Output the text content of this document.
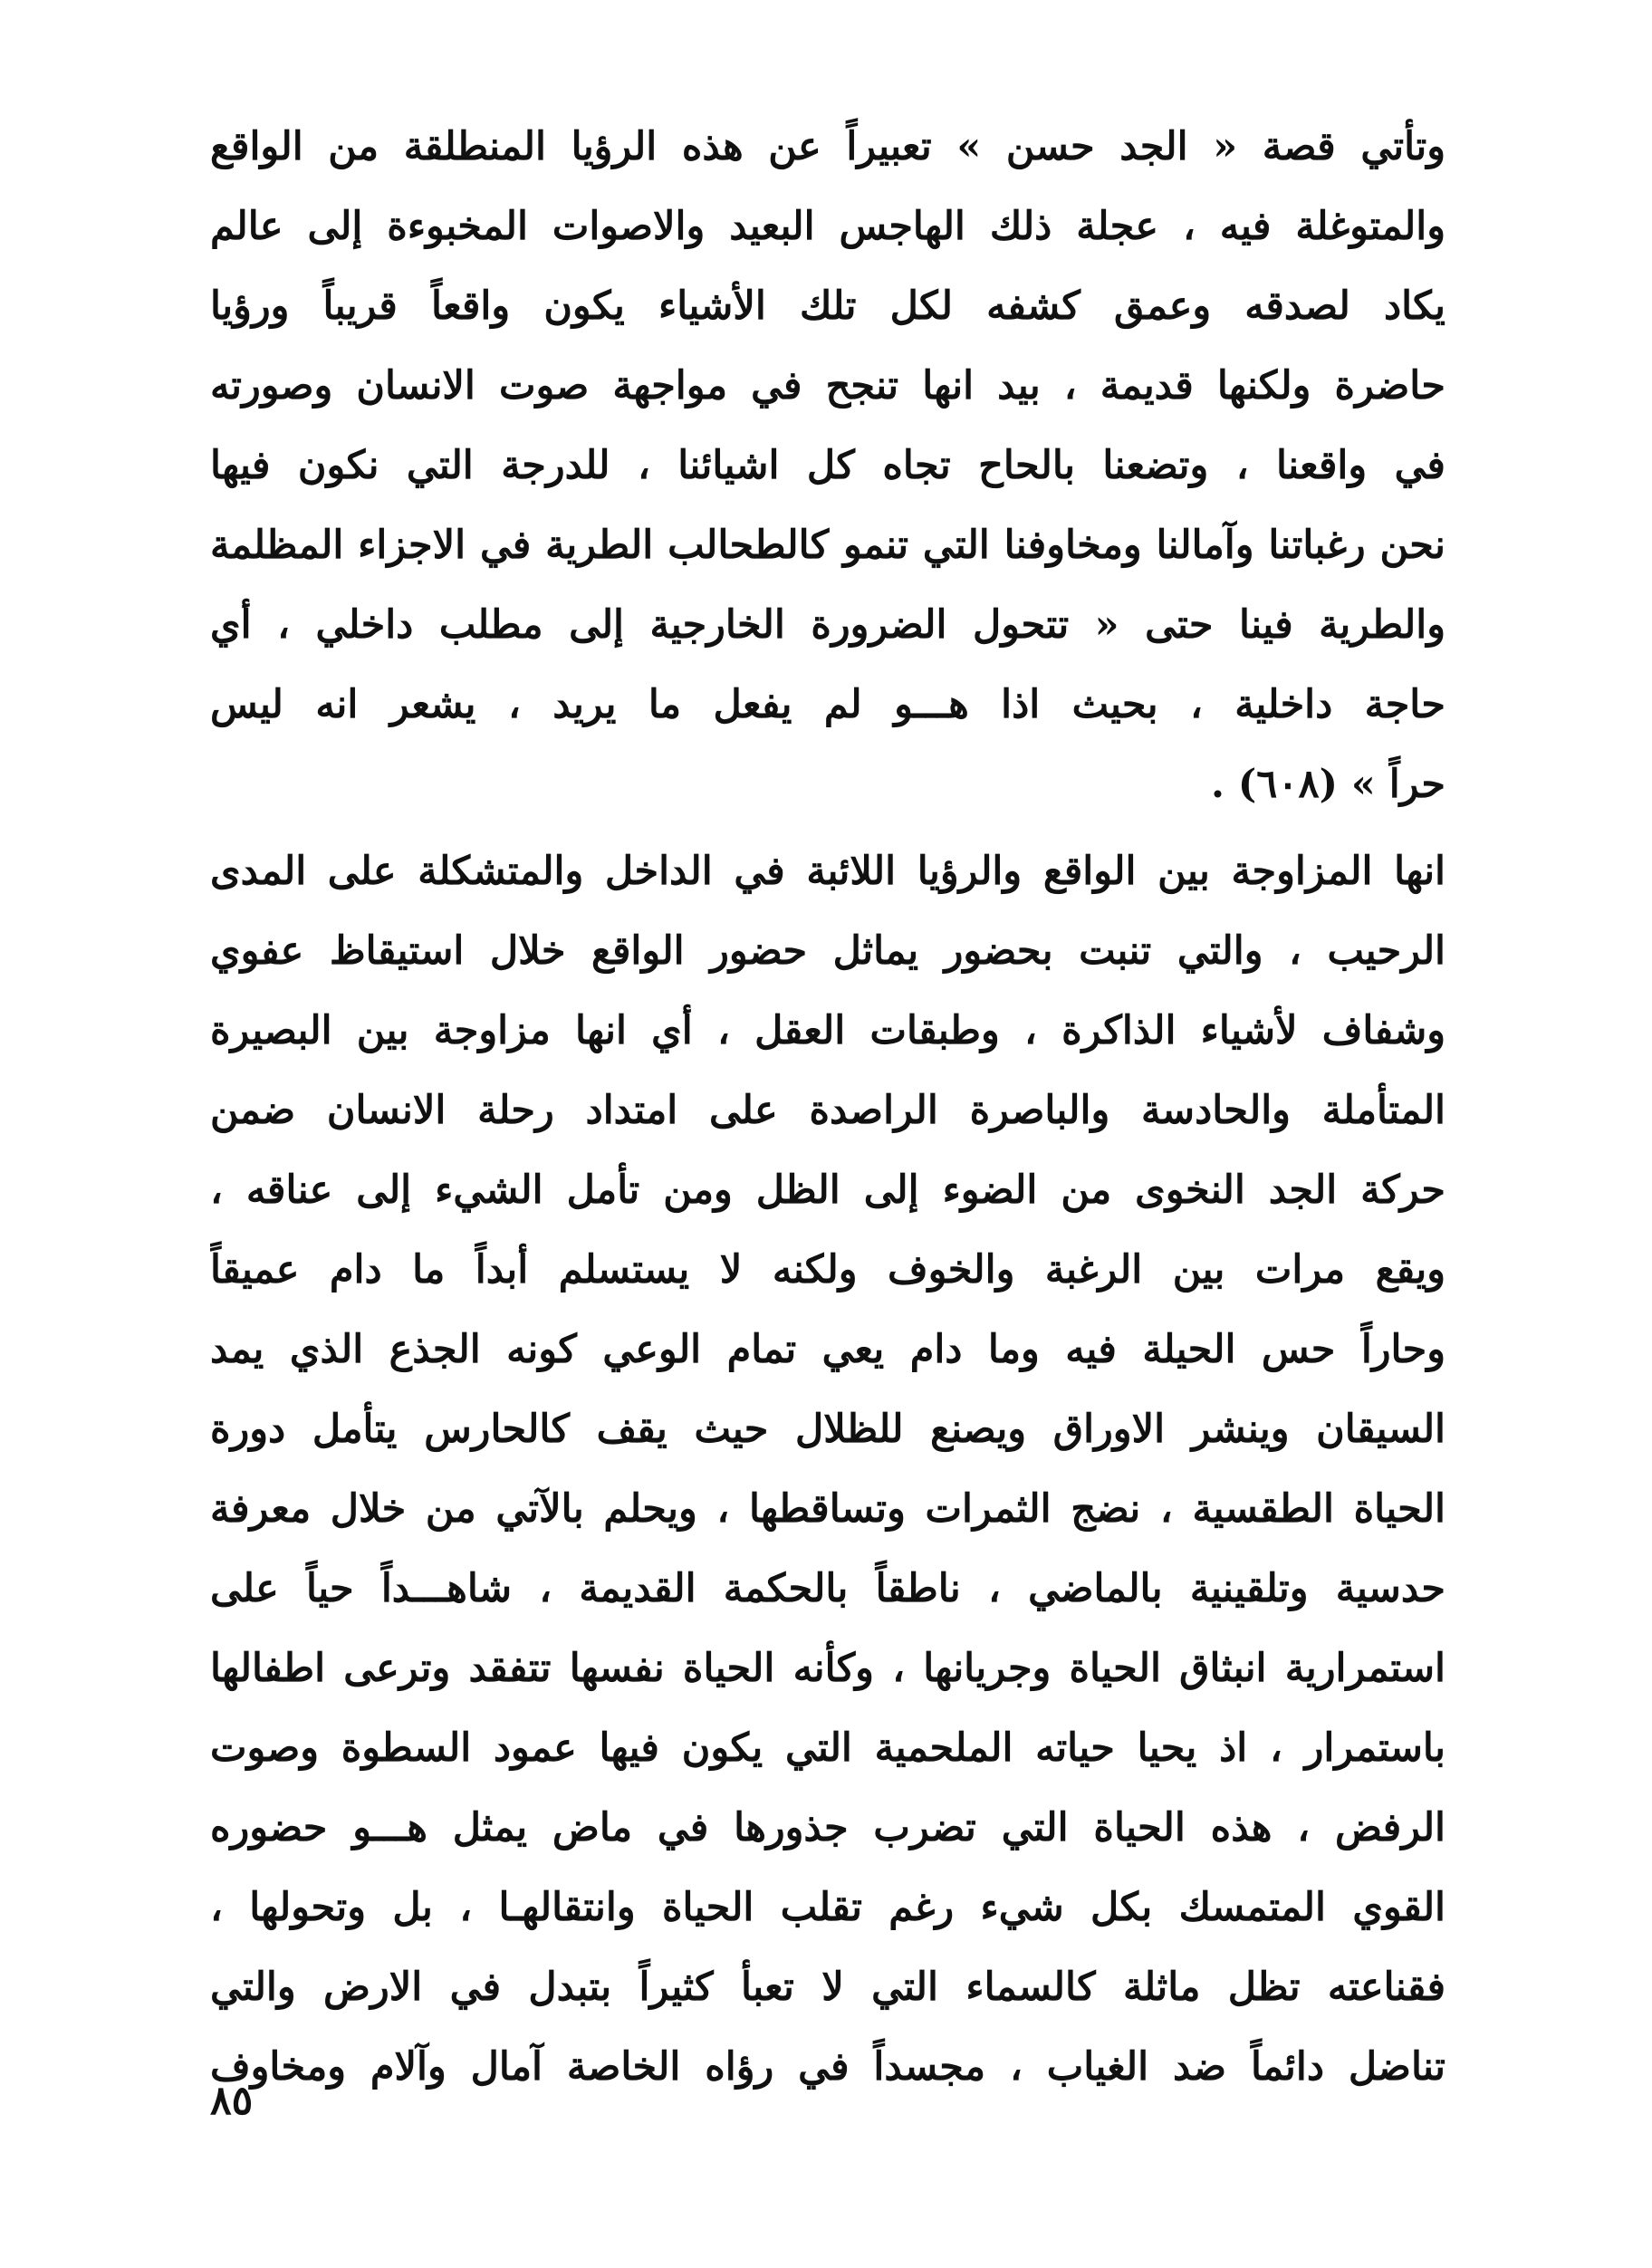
وتأتي قصة « الجد حسن » تعبيراً عن هذه الرؤيا المنطلقة من الواقع
والمتوغلة فيه ، عجلة ذلك الهاجس البعيد والاصوات المخبوءة إلى عالم
يكاد لصدقه وعمق كشفه لكل تلك الأشياء يكون واقعاً قريباً ورؤيا
حاضرة ولكنها قديمة ، بيد انها تنجح في مواجهة صوت الانسان وصورته
في واقعنا ، وتضعنا بالحاح تجاه كل اشيائنا ، للدرجة التي نكون فيها
نحن رغباتنا وآمالنا ومخاوفنا التي تنمو كالطحالب الطرية في الاجزاء المظلمة
والطرية فينا حتى « تتحول الضرورة الخارجية إلى مطلب داخلي ، أي
حاجة داخلية ، بحيث اذا هـــو لم يفعل ما يريد ، يشعر انه ليس
حراً » (٦٠٨) .
انها المزاوجة بين الواقع والرؤيا اللائبة في الداخل والمتشكلة على المدى
الرحيب ، والتي تنبت بحضور يماثل حضور الواقع خلال استيقاظ عفوي
وشفاف لأشياء الذاكرة ، وطبقات العقل ، أي انها مزاوجة بين البصيرة
المتأملة والحادسة والباصرة الراصدة على امتداد رحلة الانسان ضمن
حركة الجد النخوى من الضوء إلى الظل ومن تأمل الشيء إلى عناقه ،
ويقع مرات بين الرغبة والخوف ولكنه لا يستسلم أبداً ما دام عميقاً
وحاراً حس الحيلة فيه وما دام يعي تمام الوعي كونه الجذع الذي يمد
السيقان وينشر الاوراق ويصنع للظلال حيث يقف كالحارس يتأمل دورة
الحياة الطقسية ، نضج الثمرات وتساقطها ، ويحلم بالآتي من خلال معرفة
حدسية وتلقينية بالماضي ، ناطقاً بالحكمة القديمة ، شاهـــداً حياً على
استمرارية انبثاق الحياة وجريانها ، وكأنه الحياة نفسها تتفقد وترعى اطفالها
باستمرار ، اذ يحيا حياته الملحمية التي يكون فيها عمود السطوة وصوت
الرفض ، هذه الحياة التي تضرب جذورها في ماض يمثل هـــو حضوره
القوي المتمسك بكل شيء رغم تقلب الحياة وانتقالهـا ، بل وتحولها ،
فقناعته تظل ماثلة كالسماء التي لا تعبأ كثيراً بتبدل في الارض والتي
تناضل دائماً ضد الغياب ، مجسداً في رؤاه الخاصة آمال وآلام ومخاوف
٨٥
